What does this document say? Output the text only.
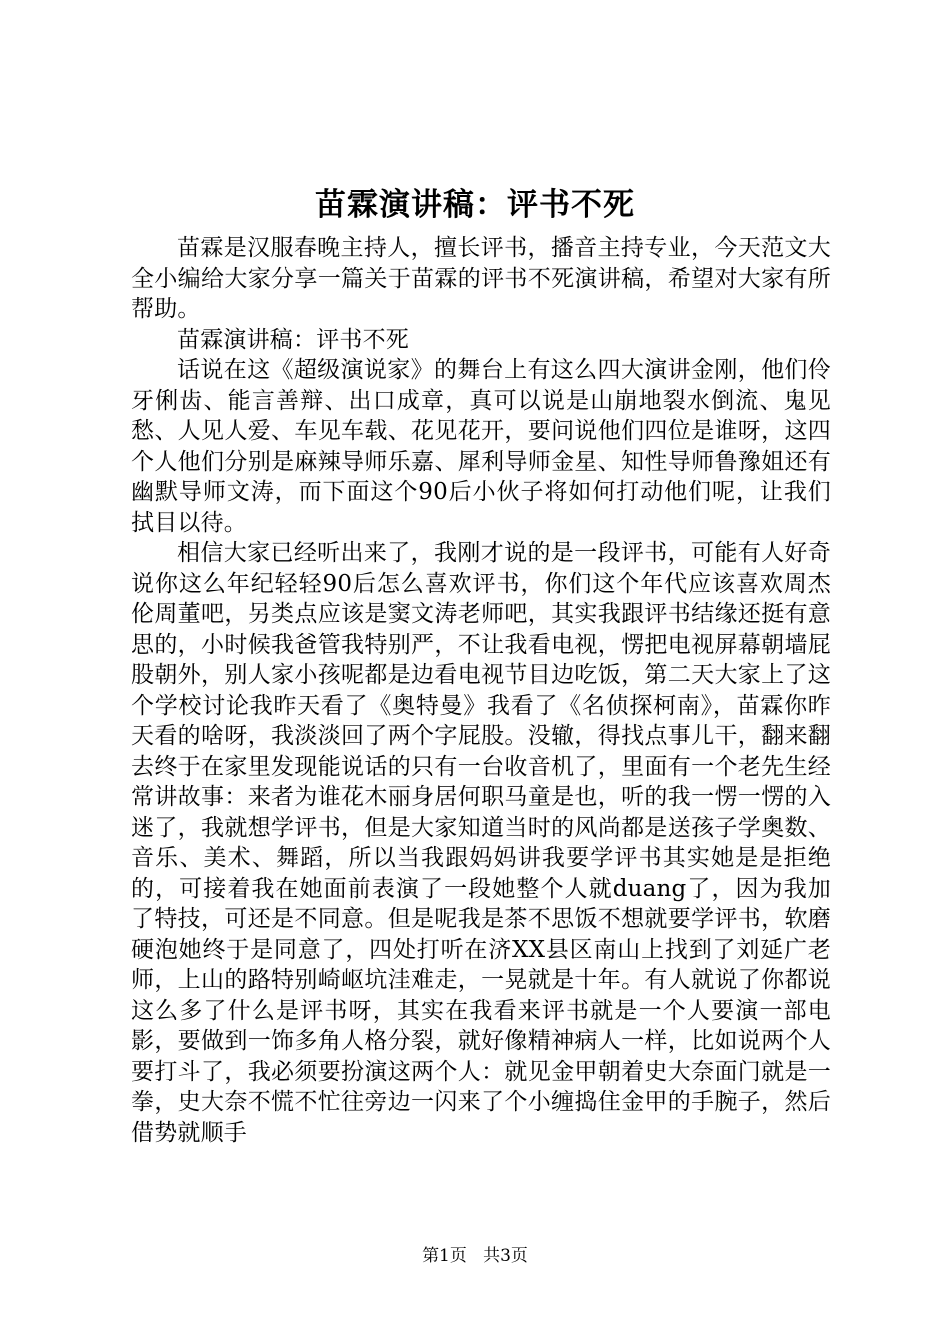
苗霖演讲稿：评书不死

苗霖是汉服春晚主持人，擅长评书，播音主持专业，今天范文大全小编给大家分享一篇关于苗霖的评书不死演讲稿，希望对大家有所帮助。

苗霖演讲稿：评书不死

话说在这《超级演说家》的舞台上有这么四大演讲金刚，他们伶牙俐齿、能言善辩、出口成章，真可以说是山崩地裂水倒流、鬼见愁、人见人爱、车见车载、花见花开，要问说他们四位是谁呀，这四个人他们分别是麻辣导师乐嘉、犀利导师金星、知性导师鲁豫姐还有幽默导师文涛，而下面这个90后小伙子将如何打动他们呢，让我们拭目以待。

相信大家已经听出来了，我刚才说的是一段评书，可能有人好奇说你这么年纪轻轻90后怎么喜欢评书，你们这个年代应该喜欢周杰伦周董吧，另类点应该是窦文涛老师吧，其实我跟评书结缘还挺有意思的，小时候我爸管我特别严，不让我看电视，愣把电视屏幕朝墙屁股朝外，别人家小孩呢都是边看电视节目边吃饭，第二天大家上了这个学校讨论我昨天看了《奥特曼》我看了《名侦探柯南》，苗霖你昨天看的啥呀，我淡淡回了两个字屁股。没辙，得找点事儿干，翻来翻去终于在家里发现能说话的只有一台收音机了，里面有一个老先生经常讲故事：来者为谁花木丽身居何职马童是也，听的我一愣一愣的入迷了，我就想学评书，但是大家知道当时的风尚都是送孩子学奥数、音乐、美术、舞蹈，所以当我跟妈妈讲我要学评书其实她是是拒绝的，可接着我在她面前表演了一段她整个人就duang了，因为我加了特技，可还是不同意。但是呢我是茶不思饭不想就要学评书，软磨硬泡她终于是同意了，四处打听在济XX县区南山上找到了刘延广老师，上山的路特别崎岖坑洼难走，一晃就是十年。有人就说了你都说这么多了什么是评书呀，其实在我看来评书就是一个人要演一部电影，要做到一饰多角人格分裂，就好像精神病人一样，比如说两个人要打斗了，我必须要扮演这两个人：就见金甲朝着史大奈面门就是一拳，史大奈不慌不忙往旁边一闪来了个小缠捣住金甲的手腕子，然后借势就顺手

第1页 共3页
